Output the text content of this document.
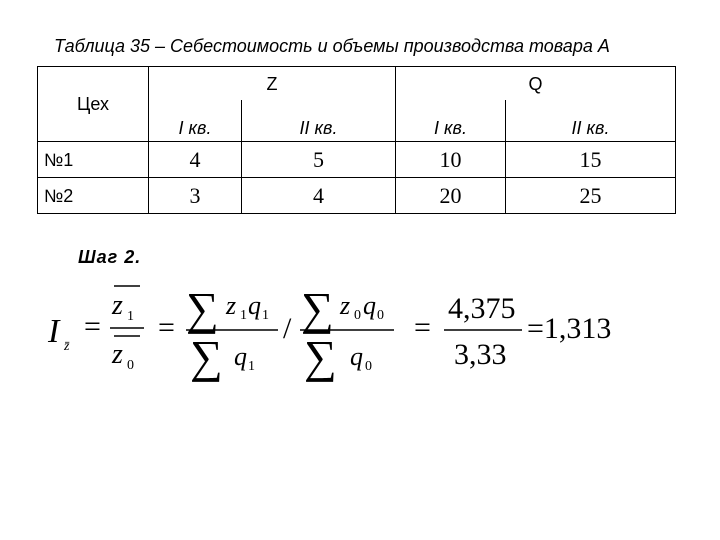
Таблица 35 – Себестоимость и объемы производства товара А
Цех	Z		Q	
	I кв.	II кв.	I кв.	II кв.
№1	4	5	10	15
№2	3	4	20	25
Шаг 2.
I z̄
=
z 1
z 0
= ∑ z 1 q 1
∑ q 1
/ ∑ z 0 q 0
∑ q 0
=
4,375
3,33
=1,313
